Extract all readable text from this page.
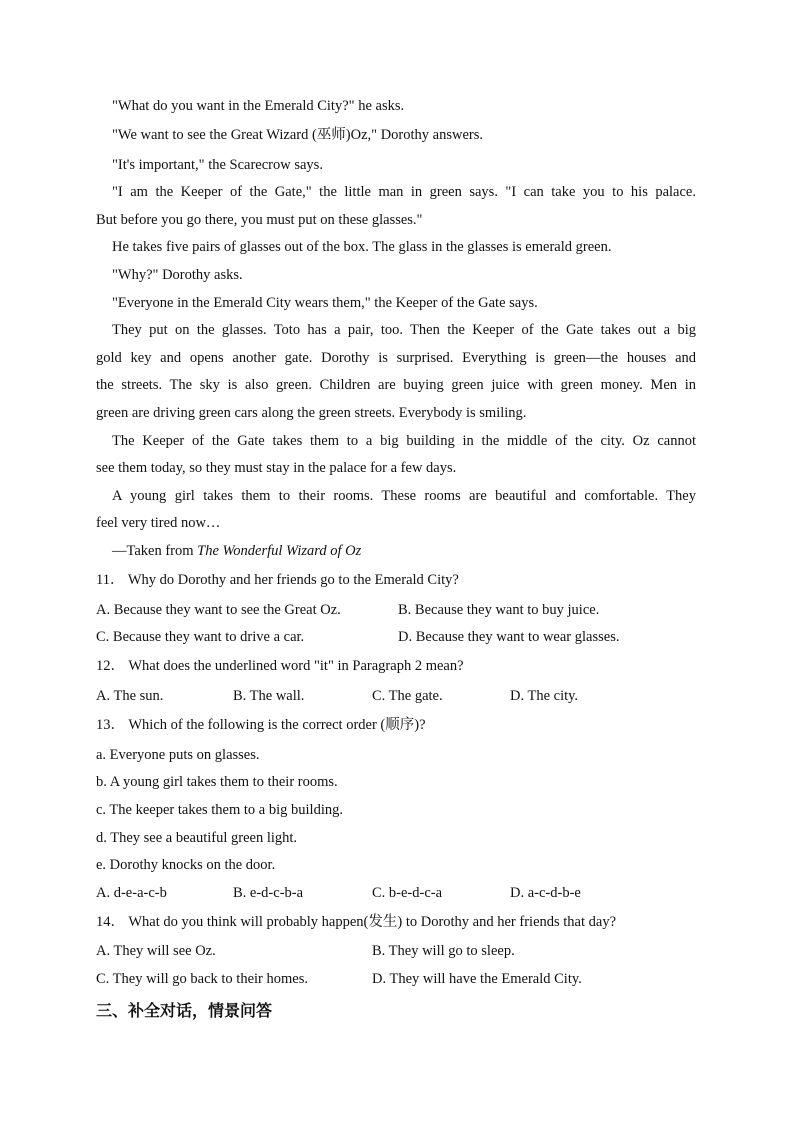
"What do you want in the Emerald City?" he asks.
"We want to see the Great Wizard (巫师)Oz," Dorothy answers.
"It's important," the Scarecrow says.
"I am the Keeper of the Gate," the little man in green says. "I can take you to his palace.
But before you go there, you must put on these glasses."
He takes five pairs of glasses out of the box. The glass in the glasses is emerald green.
"Why?" Dorothy asks.
"Everyone in the Emerald City wears them," the Keeper of the Gate says.
They put on the glasses. Toto has a pair, too. Then the Keeper of the Gate takes out a big
gold key and opens another gate. Dorothy is surprised. Everything is green—the houses and
the streets. The sky is also green. Children are buying green juice with green money. Men in
green are driving green cars along the green streets. Everybody is smiling.
The Keeper of the Gate takes them to a big building in the middle of the city. Oz cannot
see them today, so they must stay in the palace for a few days.
A young girl takes them to their rooms. These rooms are beautiful and comfortable. They
feel very tired now…
—Taken from The Wonderful Wizard of Oz
11． Why do Dorothy and her friends go to the Emerald City?
A. Because they want to see the Great Oz.	B. Because they want to buy juice.
C. Because they want to drive a car.	D. Because they want to wear glasses.
12． What does the underlined word "it" in Paragraph 2 mean?
A. The sun.	B. The wall.	C. The gate.	D. The city.
13． Which of the following is the correct order (顺序)?
a. Everyone puts on glasses.
b. A young girl takes them to their rooms.
c. The keeper takes them to a big building.
d. They see a beautiful green light.
e. Dorothy knocks on the door.
A. d-e-a-c-b	B. e-d-c-b-a	C. b-e-d-c-a	D. a-c-d-b-e
14． What do you think will probably happen(发生) to Dorothy and her friends that day?
A. They will see Oz.	B. They will go to sleep.
C. They will go back to their homes.	D. They will have the Emerald City.
三、补全对话，情景问答
